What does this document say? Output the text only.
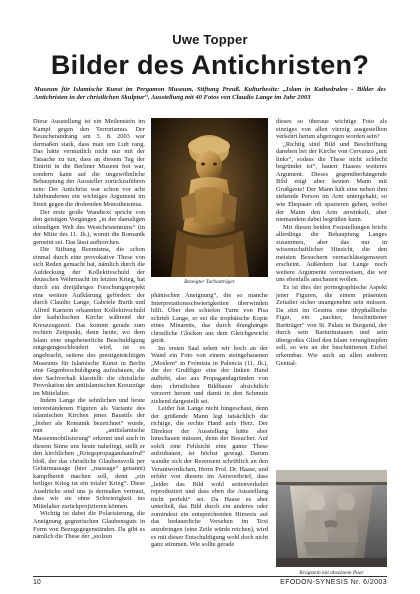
Uwe Topper
Bilder des Antichristen?
Museum für Islamische Kunst im Pergamon Museum, Stiftung Preuß. Kulturbesitz: „Islam in Kathedralen - Bilder des Antichristen in der christlichen Skulptur“, Ausstellung mit 40 Fotos von Claudio Lange im Jahr 2003

Diese Ausstellung ist ein Meilenstein im Kampf gegen den Terrorismus. Der Besucherandrang am 3. 8. 2003 war dermaßen stark, dass man um Luft rang. Das hätte vermutlich nicht nur mit der Tatsache zu tun, dass an diesem Tag der Eintritt in die Berliner Museen frei war, sondern kann auf die ungewöhnliche Behauptung der Aussteller zurückzuführen sein: Der Antichrist war schon vor acht Jahrhunderten ein wichtiges Argument im Streit gegen die drohenden Monotheismus.

Der erste große Wandtext spricht von den geistigen Vorgängen „in der damaligen eilendigen Welt des Westchristentums“ (in der Mitte des 11. Jh.), womit die Romanik gemeint sei. Das lässt aufhorchen.

Die Stiftung Reemtsma, die schon einmal durch eine provokative These von sich Reden gemacht hat, nämlich durch die Aufdeckung der Kollektivschuld der deutschen Wehrmacht im letzten Krieg, hat durch ein dreijähriges Forschungsprojekt eine weitere Aufklärung gefördert: der durch Claudio Lange, Gabriele Burth und Alfred Karnein erkannten Kollektivschuld der katholischen Kirche während der Kreuzzugszeit. Das kommt gerade zum rechten Zeitpunkt, denn heute, wo dem Islam eine ungeheuerliche Beschuldigung entgegengeschleudert wird, ist es angebracht, seitens des prestigeträchtigen Museums für Islamische Kunst in Berlin eine Gegenbeschuldigung aufzubauen, die den Sachverhalt klarstellt: die christliche Provokation der antiislamischen Kreuzzüge im Mittelalter.

Indem Lange die sehnlichen und heute unverständenen Figuren als Variante des islamischen Kirchen jenes Baustils der „bisher als Romanik bezeichnet“ wurde, nun als „antiislamische Massenmobilisierung“ erkennt und auch in diesem Sinne uns heute naheliegt, stellt er den kirchlichen „Kriegspropagandaaufruf“ bloß, der das christliche Glaubensvolk per Gebärmassage (hier „massage“ genannt) kampfbereit machen soll, denn „ein heiliger Krieg ist ein totaler Krieg“. Diese Ausdrücke sind uns ja dermaßen vertraut, dass wir sie ohne Schwierigkeit ins Mittelalter zurückprojizieren können.

Wichtig ist dabei die Polarisierung, die Aneignung gegnerischen Glaubensguts in Form von Bezugsgegenständen. Da gibt es nämlich die These der „stolzen

Bezeigter Turbanträger

phänischen Aneignung“, die so manche Interpretationsschwierigkeiten überwinden hilft. Über den schiefen Turm von Pisa schrieb Lange, er sei die trophäische Kopie eines Minaretts, das durch dranghängte christliche Glocken aus dem Gleichgewicht gerät.

Im ersten Saal sehen wir hoch an der Wand ein Foto von einem steingehauenen „Moslem“ in Frómista in Palencia (11. Jh.), die der Grußfigur eine der linken Hand aufhebt, also aus Propagandagründen von dem christlichen Bildhauer absichtlich verzerrt herum und damit in den Schmutz ziehend dargestellt sei.

Leider hat Lange nicht hingeschaut, denn der grüßende Mann legt tatsächlich die richtige, die rechte Hand aufs Herz. Der Direktor der Ausstellung hätte aber hinschauen müssen, denn der Besucher. Auf solch eine Fehlsicht eine ganze These aufzubauen, ist höchst gewagt. Darum wandte sich der Rezensent schriftlich an den Verantwortlichen, Herrn Prof. Dr. Haase, und erfuhr von diesem im Antwortbrief, dass „leider das Bild wohl seitenverkehrt reproduziert und dass eben die Ausstellung nicht perfekt“ sei. Da Haase es aber unterließ, das Bild durch ein anderes oder zumindest ein entsprechenden Hinweis auf das bedauerliche Versehen im Text anzubringen (eine Zeile würde reichen), wird es mit dieser Entschuldigung wohl doch nicht ganz stimmen. Wie sollte gerade

dieses so überaus wichtige Foto als einziges von allen vierzig ausgestellten verkehrt herum abgezogen worden sein?

„Richtig sind Bild und Beschriftung daneben bei der Kirche von Cervanzo „mit links“, sodass die These nicht schlecht begründet ist“, hauert Haases weiteres Argument. Dieses gegenüberhängende Bild zeigt aber keinen Mann mit Grußgeste! Der Mann hält eine neben ihm stehende Person im Arm untergehakt, so wie Ehepaare oft spazieren gehen, wobei der Mann den Arm anwinkelt, aber niemandem dabei begrüßen kann.

Mit diesen beiden Feststellungen bricht allerdings die Behauptung Langes zusammen, aber das nur in wissenschaftlicher Hinsicht, die den meisten Besuchern vernachlässigenswert erscheint. Außerdem hat Lange noch weitere Argumente vorzuweisen, die wir uns ebenfalls anschauen wollen.

Es ist dies der pornographische Aspekt jener Figuren, die einem präsenten Zeitalter sicher unangenehm sein müssen. Da sitzt im Gesims eine ithyphallische Figur, ein „nackter, beschnittener Bartträger“ von St. Palais in Burgund, der durch sein Barturinstauen und sein übergroßes Glied den Islam verunglimpfen soll, so wie an der beschnittenen Eichel erkennbar. Wie auch an allen anderen Genital-

Kragstein mit obszönem Paar
10	EFODON-SYNESIS Nr. 6/2003
